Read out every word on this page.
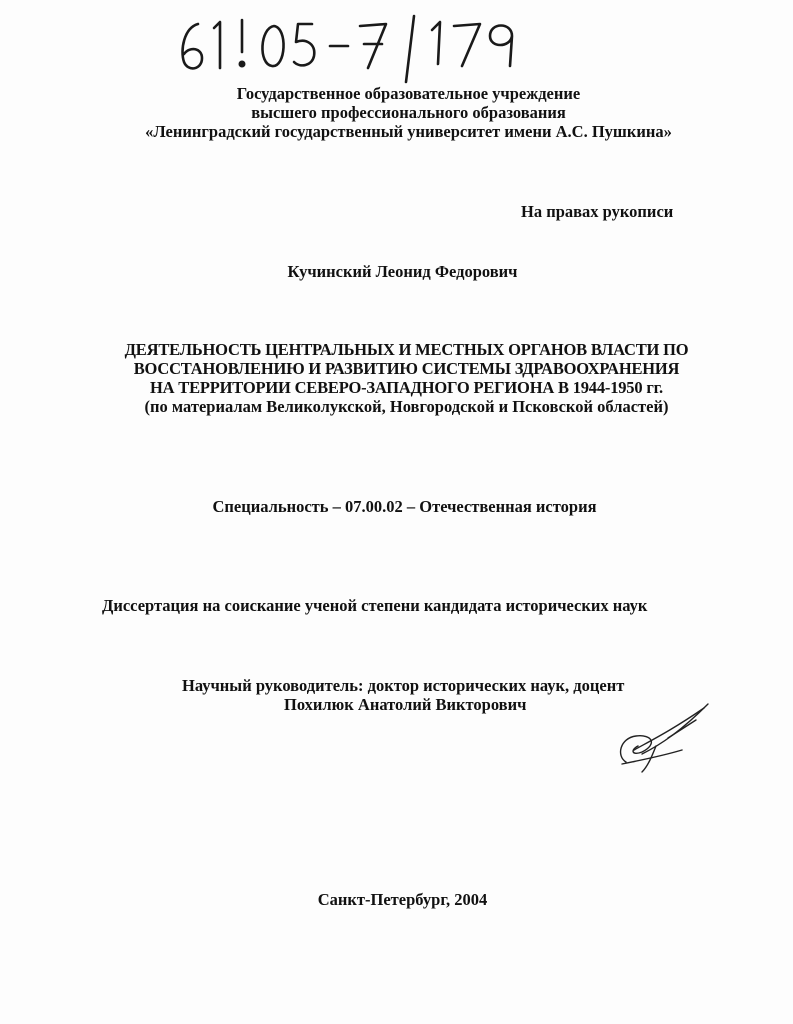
Государственное образовательное учреждение
высшего профессионального образования
«Ленинградский государственный университет имени А.С. Пушкина»
На правах рукописи
Кучинский Леонид Федорович
ДЕЯТЕЛЬНОСТЬ ЦЕНТРАЛЬНЫХ И МЕСТНЫХ ОРГАНОВ ВЛАСТИ ПО
ВОССТАНОВЛЕНИЮ И РАЗВИТИЮ СИСТЕМЫ ЗДРАВООХРАНЕНИЯ
НА ТЕРРИТОРИИ СЕВЕРО-ЗАПАДНОГО РЕГИОНА В 1944-1950 гг.
(по материалам Великолукской, Новгородской и Псковской областей)
Специальность – 07.00.02 – Отечественная история
Диссертация на соискание ученой степени кандидата исторических наук
Научный руководитель: доктор исторических наук, доцент
Похилюк Анатолий Викторович
Санкт-Петербург, 2004
